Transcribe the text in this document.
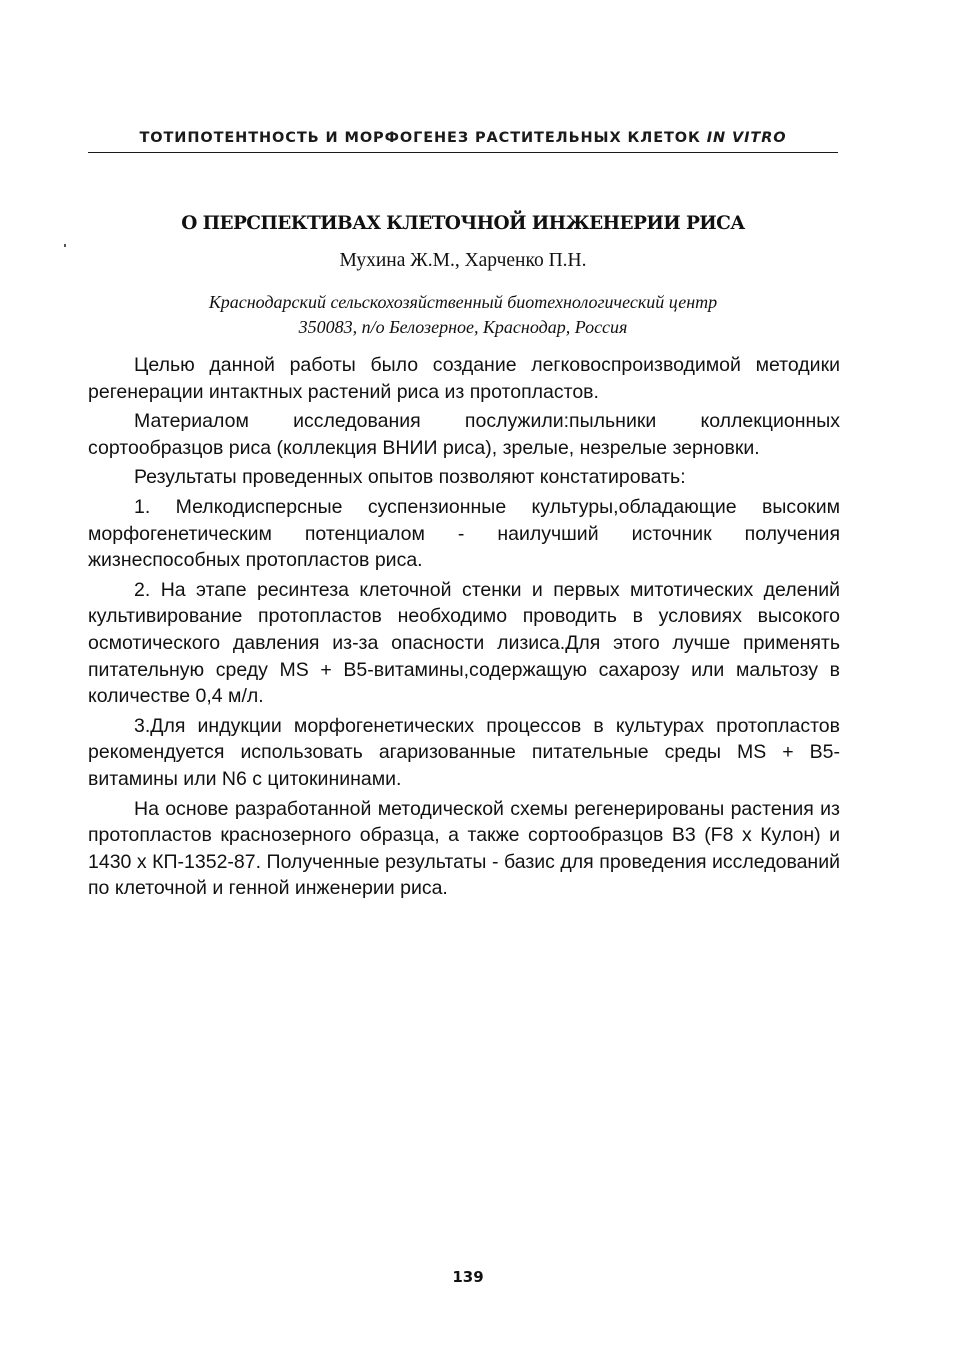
ТОТИПОТЕНТНОСТЬ И МОРФОГЕНЕЗ РАСТИТЕЛЬНЫХ КЛЕТОК IN VITRO
О ПЕРСПЕКТИВАХ КЛЕТОЧНОЙ ИНЖЕНЕРИИ РИСА
Мухина Ж.М., Харченко П.Н.
Краснодарский сельскохозяйственный биотехнологический центр
350083, п/о Белозерное, Краснодар, Россия

Целью данной работы было создание легковоспроизводимой методики регенерации интактных растений риса из протопластов.

Материалом исследования послужили:пыльники коллекционных сортообразцов риса (коллекция ВНИИ риса), зрелые, незрелые зерновки.

Результаты проведенных опытов позволяют констатировать:

1. Мелкодисперсные суспензионные культуры,обладающие высоким морфогенетическим потенциалом - наилучший источник получения жизнеспособных протопластов риса.

2. На этапе ресинтеза клеточной стенки и первых митотических делений культивирование протопластов необходимо проводить в условиях высокого осмотического давления из-за опасности лизиса.Для этого лучше применять питательную среду MS + B5-витамины,содержащую сахарозу или мальтозу в количестве 0,4 м/л.

3.Для индукции морфогенетических процессов в культурах протопластов рекомендуется использовать агаризованные питательные среды MS + B5-витамины или N6 с цитокининами.

На основе разработанной методической схемы регенерированы растения из протопластов краснозерного образца, а также сортообразцов B3 (F8 х Кулон) и 1430 х КП-1352-87. Полученные результаты - базис для проведения исследований по клеточной и генной инженерии риса.

139
